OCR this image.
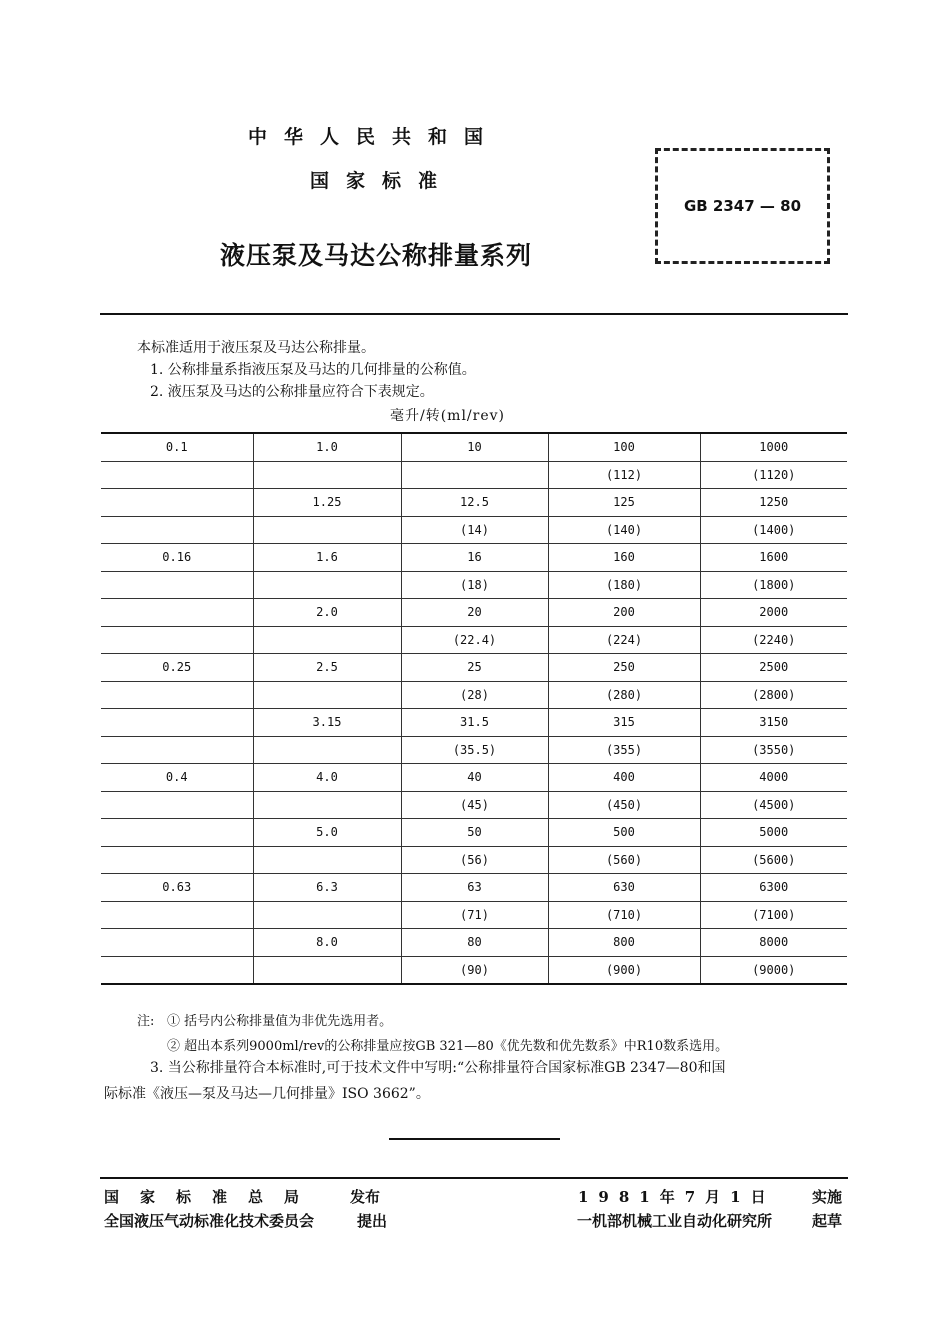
中华人民共和国
国家标准
液压泵及马达公称排量系列
GB 2347 — 80
本标准适用于液压泵及马达公称排量。
1. 公称排量系指液压泵及马达的几何排量的公称值。
2. 液压泵及马达的公称排量应符合下表规定。
毫升/转(ml/rev)
0.1	1.0	10	100	1000
			(112)	(1120)
	1.25	12.5	125	1250
		(14)	(140)	(1400)
0.16	1.6	16	160	1600
		(18)	(180)	(1800)
	2.0	20	200	2000
		(22.4)	(224)	(2240)
0.25	2.5	25	250	2500
		(28)	(280)	(2800)
	3.15	31.5	315	3150
		(35.5)	(355)	(3550)
0.4	4.0	40	400	4000
		(45)	(450)	(4500)
	5.0	50	500	5000
		(56)	(560)	(5600)
0.63	6.3	63	630	6300
		(71)	(710)	(7100)
	8.0	80	800	8000
		(90)	(900)	(9000)
注: ① 括号内公称排量值为非优先选用者。
② 超出本系列9000ml/rev的公称排量应按GB 321—80《优先数和优先数系》中R10数系选用。
3. 当公称排量符合本标准时,可于技术文件中写明:“公称排量符合国家标准GB 2347—80和国
际标准《液压—泵及马达—几何排量》ISO 3662”。
国家标准总局 发布
全国液压气动标准化技术委员会	提出
1981年7月1日 实施
一机部机械工业自动化研究所	起草
